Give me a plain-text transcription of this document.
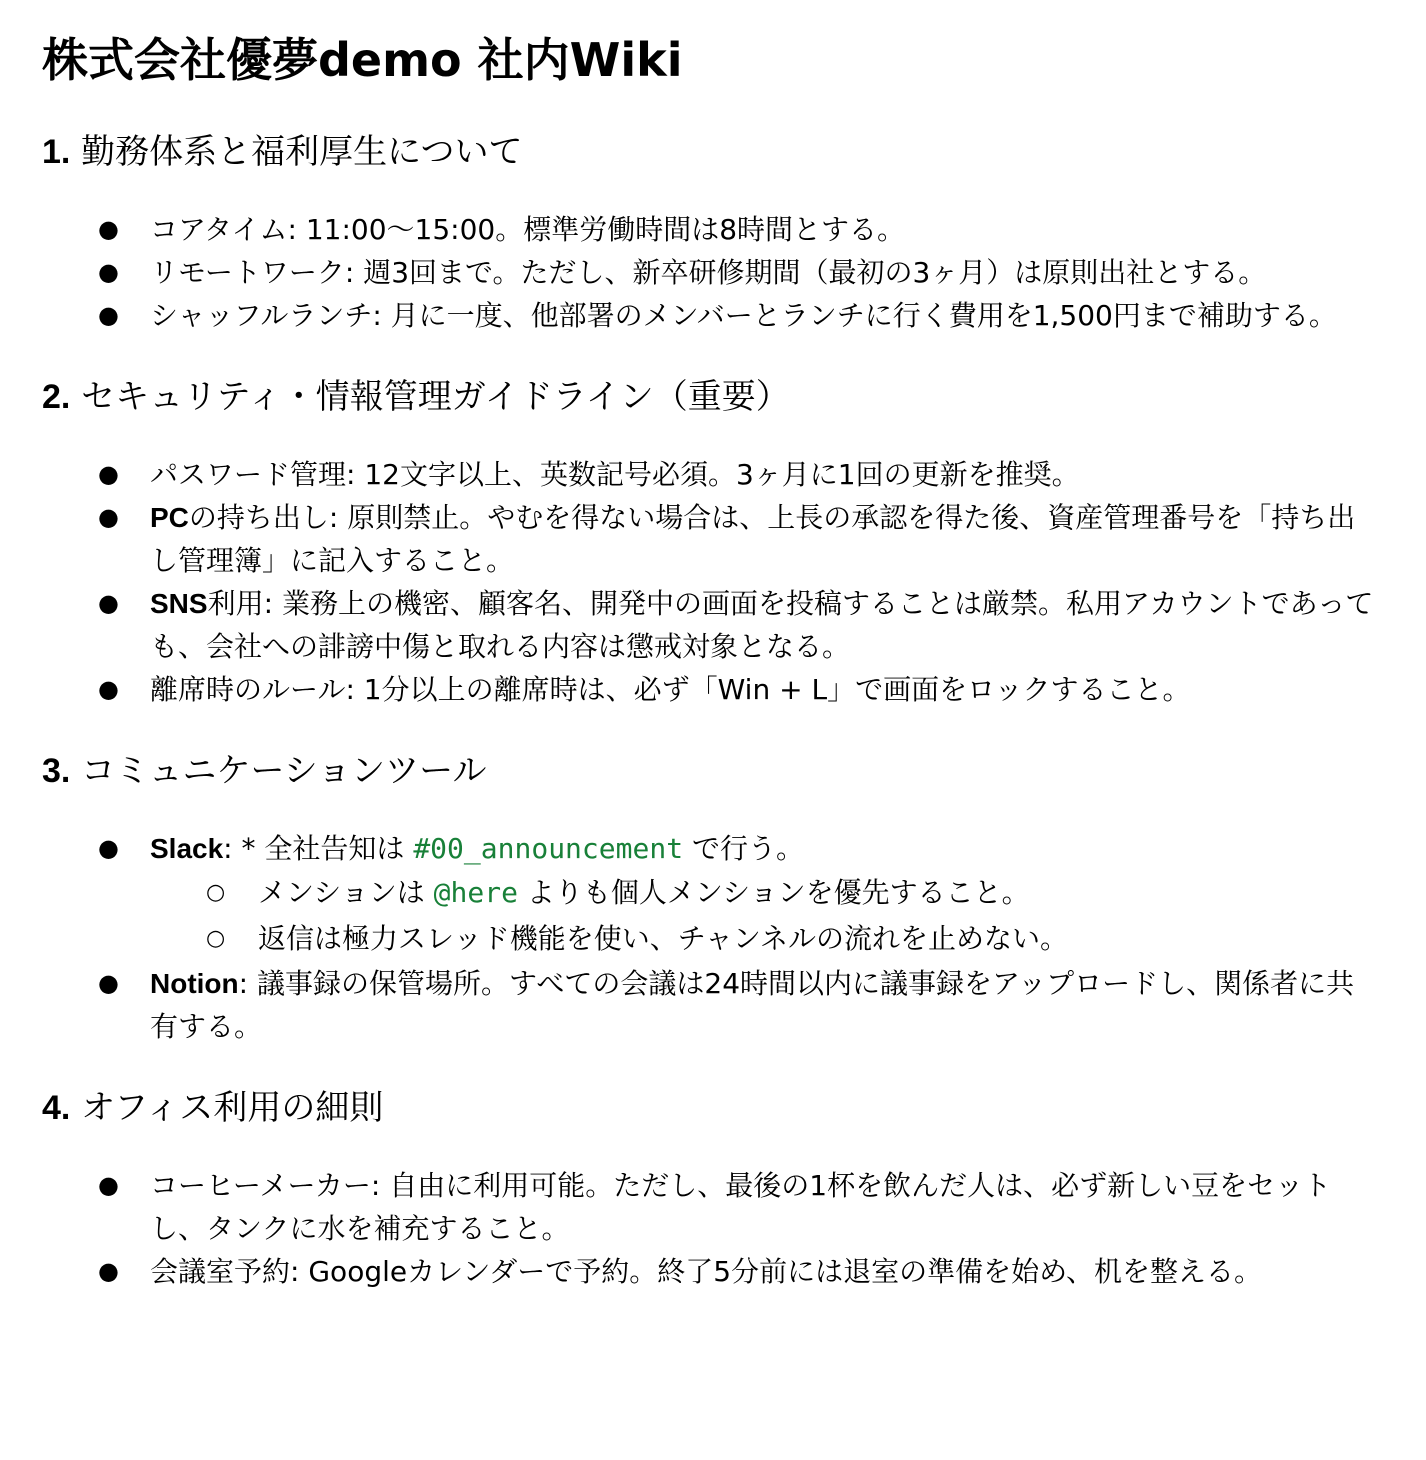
株式会社優夢demo 社内Wiki
1. 勤務体系と福利厚生について
● コアタイム: 11:00〜15:00。標準労働時間は8時間とする。
● リモートワーク: 週3回まで。ただし、新卒研修期間（最初の3ヶ月）は原則出社とする。
● シャッフルランチ: 月に一度、他部署のメンバーとランチに行く費用を1,500円まで補助する。
2. セキュリティ・情報管理ガイドライン（重要）
● パスワード管理: 12文字以上、英数記号必須。3ヶ月に1回の更新を推奨。
● PCの持ち出し: 原則禁止。やむを得ない場合は、上長の承認を得た後、資産管理番号を「持ち出し管理簿」に記入すること。
● SNS利用: 業務上の機密、顧客名、開発中の画面を投稿することは厳禁。私用アカウントであっても、会社への誹謗中傷と取れる内容は懲戒対象となる。
● 離席時のルール: 1分以上の離席時は、必ず「Win + L」で画面をロックすること。
3. コミュニケーションツール
● Slack: * 全社告知は #00_announcement で行う。
○ メンションは @here よりも個人メンションを優先すること。
○ 返信は極力スレッド機能を使い、チャンネルの流れを止めない。
● Notion: 議事録の保管場所。すべての会議は24時間以内に議事録をアップロードし、関係者に共有する。
4. オフィス利用の細則
● コーヒーメーカー: 自由に利用可能。ただし、最後の1杯を飲んだ人は、必ず新しい豆をセットし、タンクに水を補充すること。
● 会議室予約: Googleカレンダーで予約。終了5分前には退室の準備を始め、机を整える。
